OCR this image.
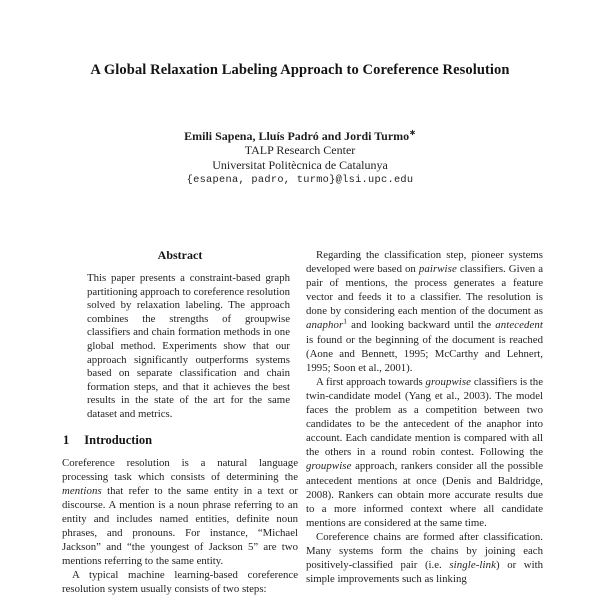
A Global Relaxation Labeling Approach to Coreference Resolution
Emili Sapena, Lluís Padró and Jordi Turmo∗
TALP Research Center
Universitat Politècnica de Catalunya
{esapena, padro, turmo}@lsi.upc.edu
Abstract

This paper presents a constraint-based graph partitioning approach to coreference resolution solved by relaxation labeling. The approach combines the strengths of groupwise classifiers and chain formation methods in one global method. Experiments show that our approach significantly outperforms systems based on separate classification and chain formation steps, and that it achieves the best results in the state of the art for the same dataset and metrics.

1 Introduction

Coreference resolution is a natural language processing task which consists of determining the mentions that refer to the same entity in a text or discourse. A mention is a noun phrase referring to an entity and includes named entities, definite noun phrases, and pronouns. For instance, “Michael Jackson” and “the youngest of Jackson 5” are two mentions referring to the same entity.

A typical machine learning-based coreference resolution system usually consists of two steps:

Regarding the classification step, pioneer systems developed were based on pairwise classifiers. Given a pair of mentions, the process generates a feature vector and feeds it to a classifier. The resolution is done by considering each mention of the document as anaphor$^1$ and looking backward until the antecedent is found or the beginning of the document is reached (Aone and Bennett, 1995; McCarthy and Lehnert, 1995; Soon et al., 2001).

A first approach towards groupwise classifiers is the twin-candidate model (Yang et al., 2003). The model faces the problem as a competition between two candidates to be the antecedent of the anaphor into account. Each candidate mention is compared with all the others in a round robin contest. Following the groupwise approach, rankers consider all the possible antecedent mentions at once (Denis and Baldridge, 2008). Rankers can obtain more accurate results due to a more informed context where all candidate mentions are considered at the same time.

Coreference chains are formed after classification. Many systems form the chains by joining each positively-classified pair (i.e. single-link) or with simple improvements such as linking
